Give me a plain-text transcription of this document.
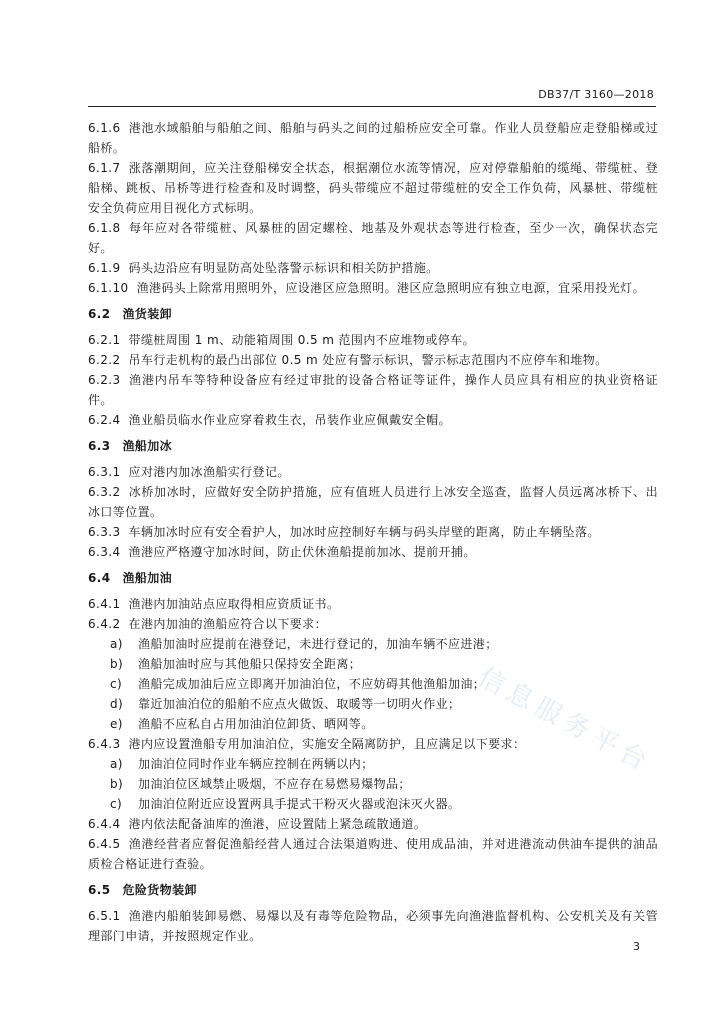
DB37/T 3160—2018

6.1.6 港池水域船舶与船舶之间、船舶与码头之间的过船桥应安全可靠。作业人员登船应走登船梯或过船桥。

6.1.7 涨落潮期间，应关注登船梯安全状态，根据潮位水流等情况，应对停靠船舶的缆绳、带缆桩、登船梯、跳板、吊桥等进行检查和及时调整，码头带缆应不超过带缆桩的安全工作负荷，风暴桩、带缆桩安全负荷应用目视化方式标明。

6.1.8 每年应对各带缆桩、风暴桩的固定螺栓、地基及外观状态等进行检查，至少一次，确保状态完好。

6.1.9 码头边沿应有明显防高处坠落警示标识和相关防护措施。

6.1.10 渔港码头上除常用照明外，应设港区应急照明。港区应急照明应有独立电源，宜采用投光灯。

6.2 渔货装卸

6.2.1 带缆桩周围 1 m、动能箱周围 0.5 m 范围内不应堆物或停车。

6.2.2 吊车行走机构的最凸出部位 0.5 m 处应有警示标识，警示标志范围内不应停车和堆物。

6.2.3 渔港内吊车等特种设备应有经过审批的设备合格证等证件，操作人员应具有相应的执业资格证件。

6.2.4 渔业船员临水作业应穿着救生衣，吊装作业应佩戴安全帽。

6.3 渔船加冰

6.3.1 应对港内加冰渔船实行登记。

6.3.2 冰桥加冰时，应做好安全防护措施，应有值班人员进行上冰安全巡查，监督人员远离冰桥下、出冰口等位置。

6.3.3 车辆加冰时应有安全看护人，加冰时应控制好车辆与码头岸壁的距离，防止车辆坠落。

6.3.4 渔港应严格遵守加冰时间，防止伏休渔船提前加冰、提前开捕。

6.4 渔船加油

6.4.1 渔港内加油站点应取得相应资质证书。

6.4.2 在港内加油的渔船应符合以下要求：

a)	渔船加油时应提前在港登记，未进行登记的，加油车辆不应进港；
b)	渔船加油时应与其他船只保持安全距离；
c)	渔船完成加油后应立即离开加油泊位，不应妨碍其他渔船加油；
d)	靠近加油泊位的船舶不应点火做饭、取暖等一切明火作业；
e)	渔船不应私自占用加油泊位卸货、晒网等。

6.4.3 港内应设置渔船专用加油泊位，实施安全隔离防护，且应满足以下要求：

a)	加油泊位同时作业车辆应控制在两辆以内；
b)	加油泊位区域禁止吸烟，不应存在易燃易爆物品；
c)	加油泊位附近应设置两具手提式干粉灭火器或泡沫灭火器。

6.4.4 港内依法配备油库的渔港，应设置陆上紧急疏散通道。

6.4.5 渔港经营者应督促渔船经营人通过合法渠道购进、使用成品油，并对进港流动供油车提供的油品质检合格证进行查验。

6.5 危险货物装卸

6.5.1 渔港内船舶装卸易燃、易爆以及有毒等危险物品，必须事先向渔港监督机构、公安机关及有关管理部门申请，并按照规定作业。

信息服务平台
3
